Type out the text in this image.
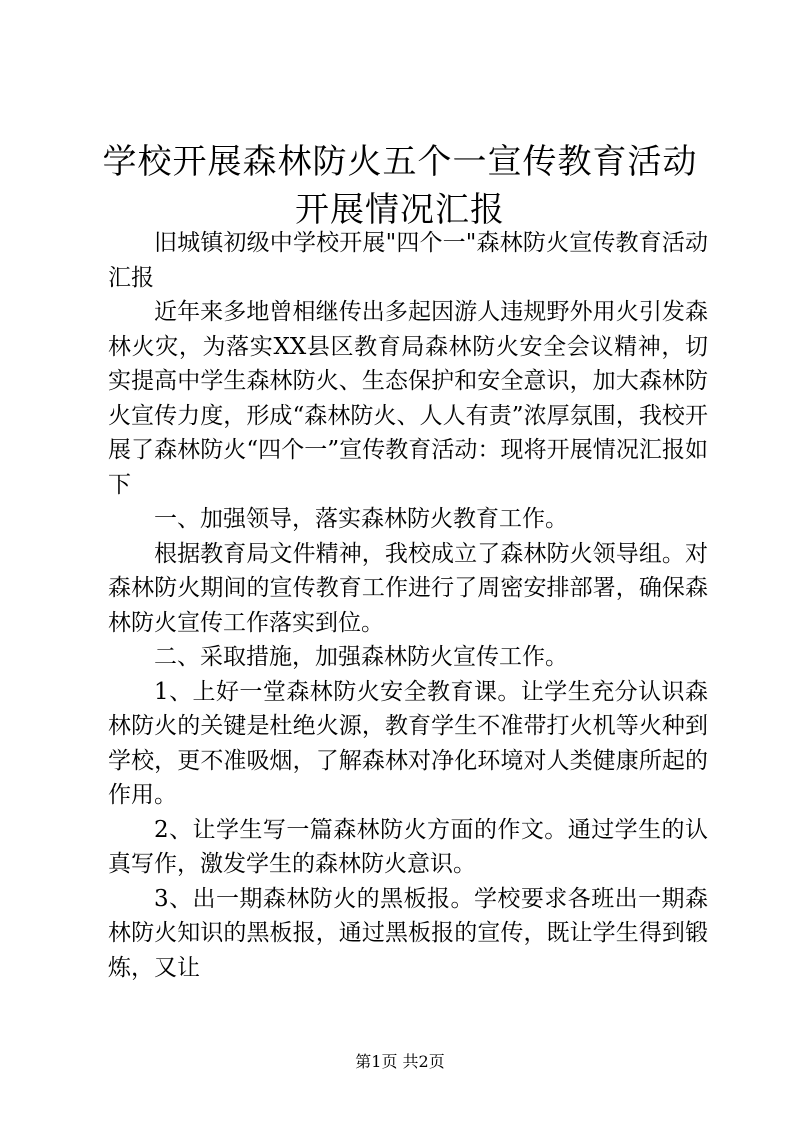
学校开展森林防火五个一宣传教育活动开展情况汇报

旧城镇初级中学校开展"四个一"森林防火宣传教育活动汇报

近年来多地曾相继传出多起因游人违规野外用火引发森林火灾，为落实XX县区教育局森林防火安全会议精神，切实提高中学生森林防火、生态保护和安全意识，加大森林防火宣传力度，形成“森林防火、人人有责”浓厚氛围，我校开展了森林防火“四个一”宣传教育活动：现将开展情况汇报如下

一、加强领导，落实森林防火教育工作。

根据教育局文件精神，我校成立了森林防火领导组。对森林防火期间的宣传教育工作进行了周密安排部署，确保森林防火宣传工作落实到位。

二、采取措施，加强森林防火宣传工作。

1、上好一堂森林防火安全教育课。让学生充分认识森林防火的关键是杜绝火源，教育学生不准带打火机等火种到学校，更不准吸烟，了解森林对净化环境对人类健康所起的作用。

2、让学生写一篇森林防火方面的作文。通过学生的认真写作，激发学生的森林防火意识。

3、出一期森林防火的黑板报。学校要求各班出一期森林防火知识的黑板报，通过黑板报的宣传，既让学生得到锻炼，又让

第1页 共2页
